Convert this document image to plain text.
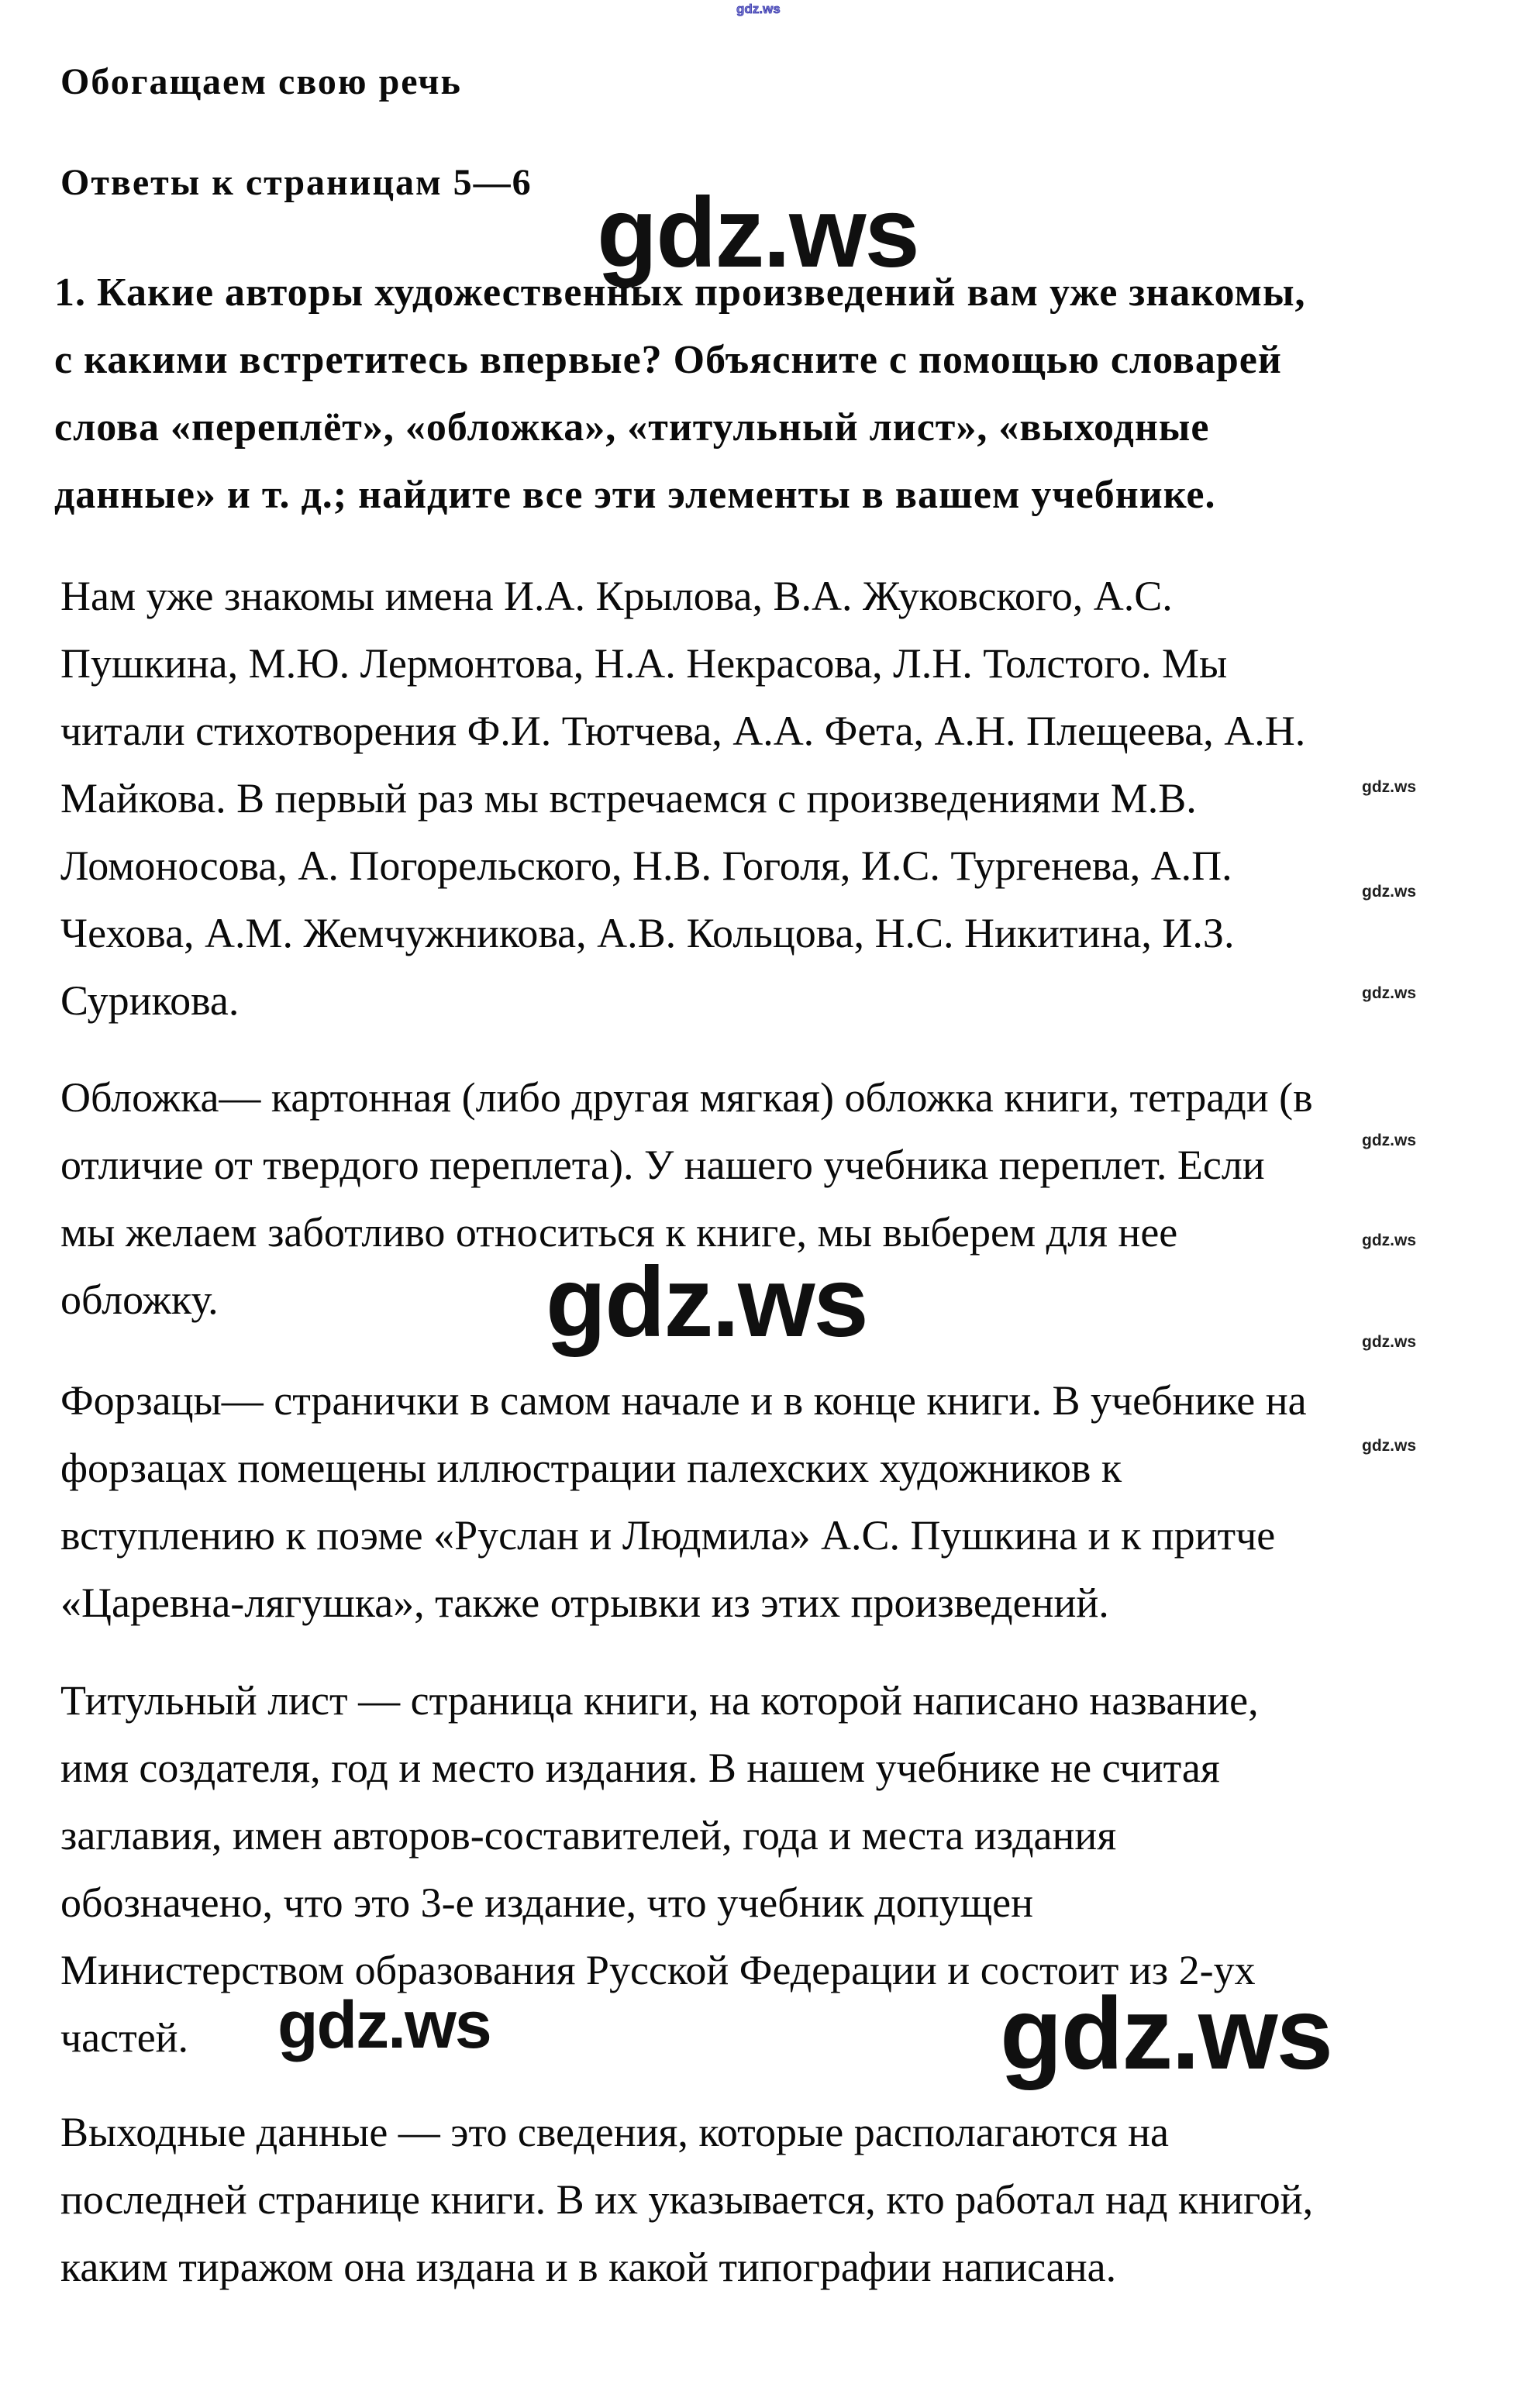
gdz.ws
gdz.ws
gdz.ws
gdz.ws	gdz.ws
gdz.ws
gdz.ws
gdz.ws
gdz.ws
gdz.ws
gdz.ws
gdz.ws
Обогащаем свою речь
Ответы к страницам 5—6
1. Какие авторы художественных произведений вам уже знакомы,
с какими встретитесь впервые? Объясните с помощью словарей
слова «переплёт», «обложка», «титульный лист», «выходные
данные» и т. д.; найдите все эти элементы в вашем учебнике.
Нам уже знакомы имена И.А. Крылова, В.А. Жуковского, А.С.
Пушкина, М.Ю. Лермонтова, Н.А. Некрасова, Л.Н. Толстого. Мы
читали стихотворения Ф.И. Тютчева, А.А. Фета, А.Н. Плещеева, А.Н.
Майкова. В первый раз мы встречаемся с произведениями М.В.
Ломоносова, А. Погорельского, Н.В. Гоголя, И.С. Тургенева, А.П.
Чехова, А.М. Жемчужникова, А.В. Кольцова, Н.С. Никитина, И.З.
Сурикова.
Обложка— картонная (либо другая мягкая) обложка книги, тетради (в
отличие от твердого переплета). У нашего учебника переплет. Если
мы желаем заботливо относиться к книге, мы выберем для нее
обложку.
Форзацы— странички в самом начале и в конце книги. В учебнике на
форзацах помещены иллюстрации палехских художников к
вступлению к поэме «Руслан и Людмила» А.С. Пушкина и к притче
«Царевна-лягушка», также отрывки из этих произведений.
Титульный лист — страница книги, на которой написано название,
имя создателя, год и место издания. В нашем учебнике не считая
заглавия, имен авторов-составителей, года и места издания
обозначено, что это 3-е издание, что учебник допущен
Министерством образования Русской Федерации и состоит из 2-ух
частей.
Выходные данные — это сведения, которые располагаются на
последней странице книги. В их указывается, кто работал над книгой,
каким тиражом она издана и в какой типографии написана.
